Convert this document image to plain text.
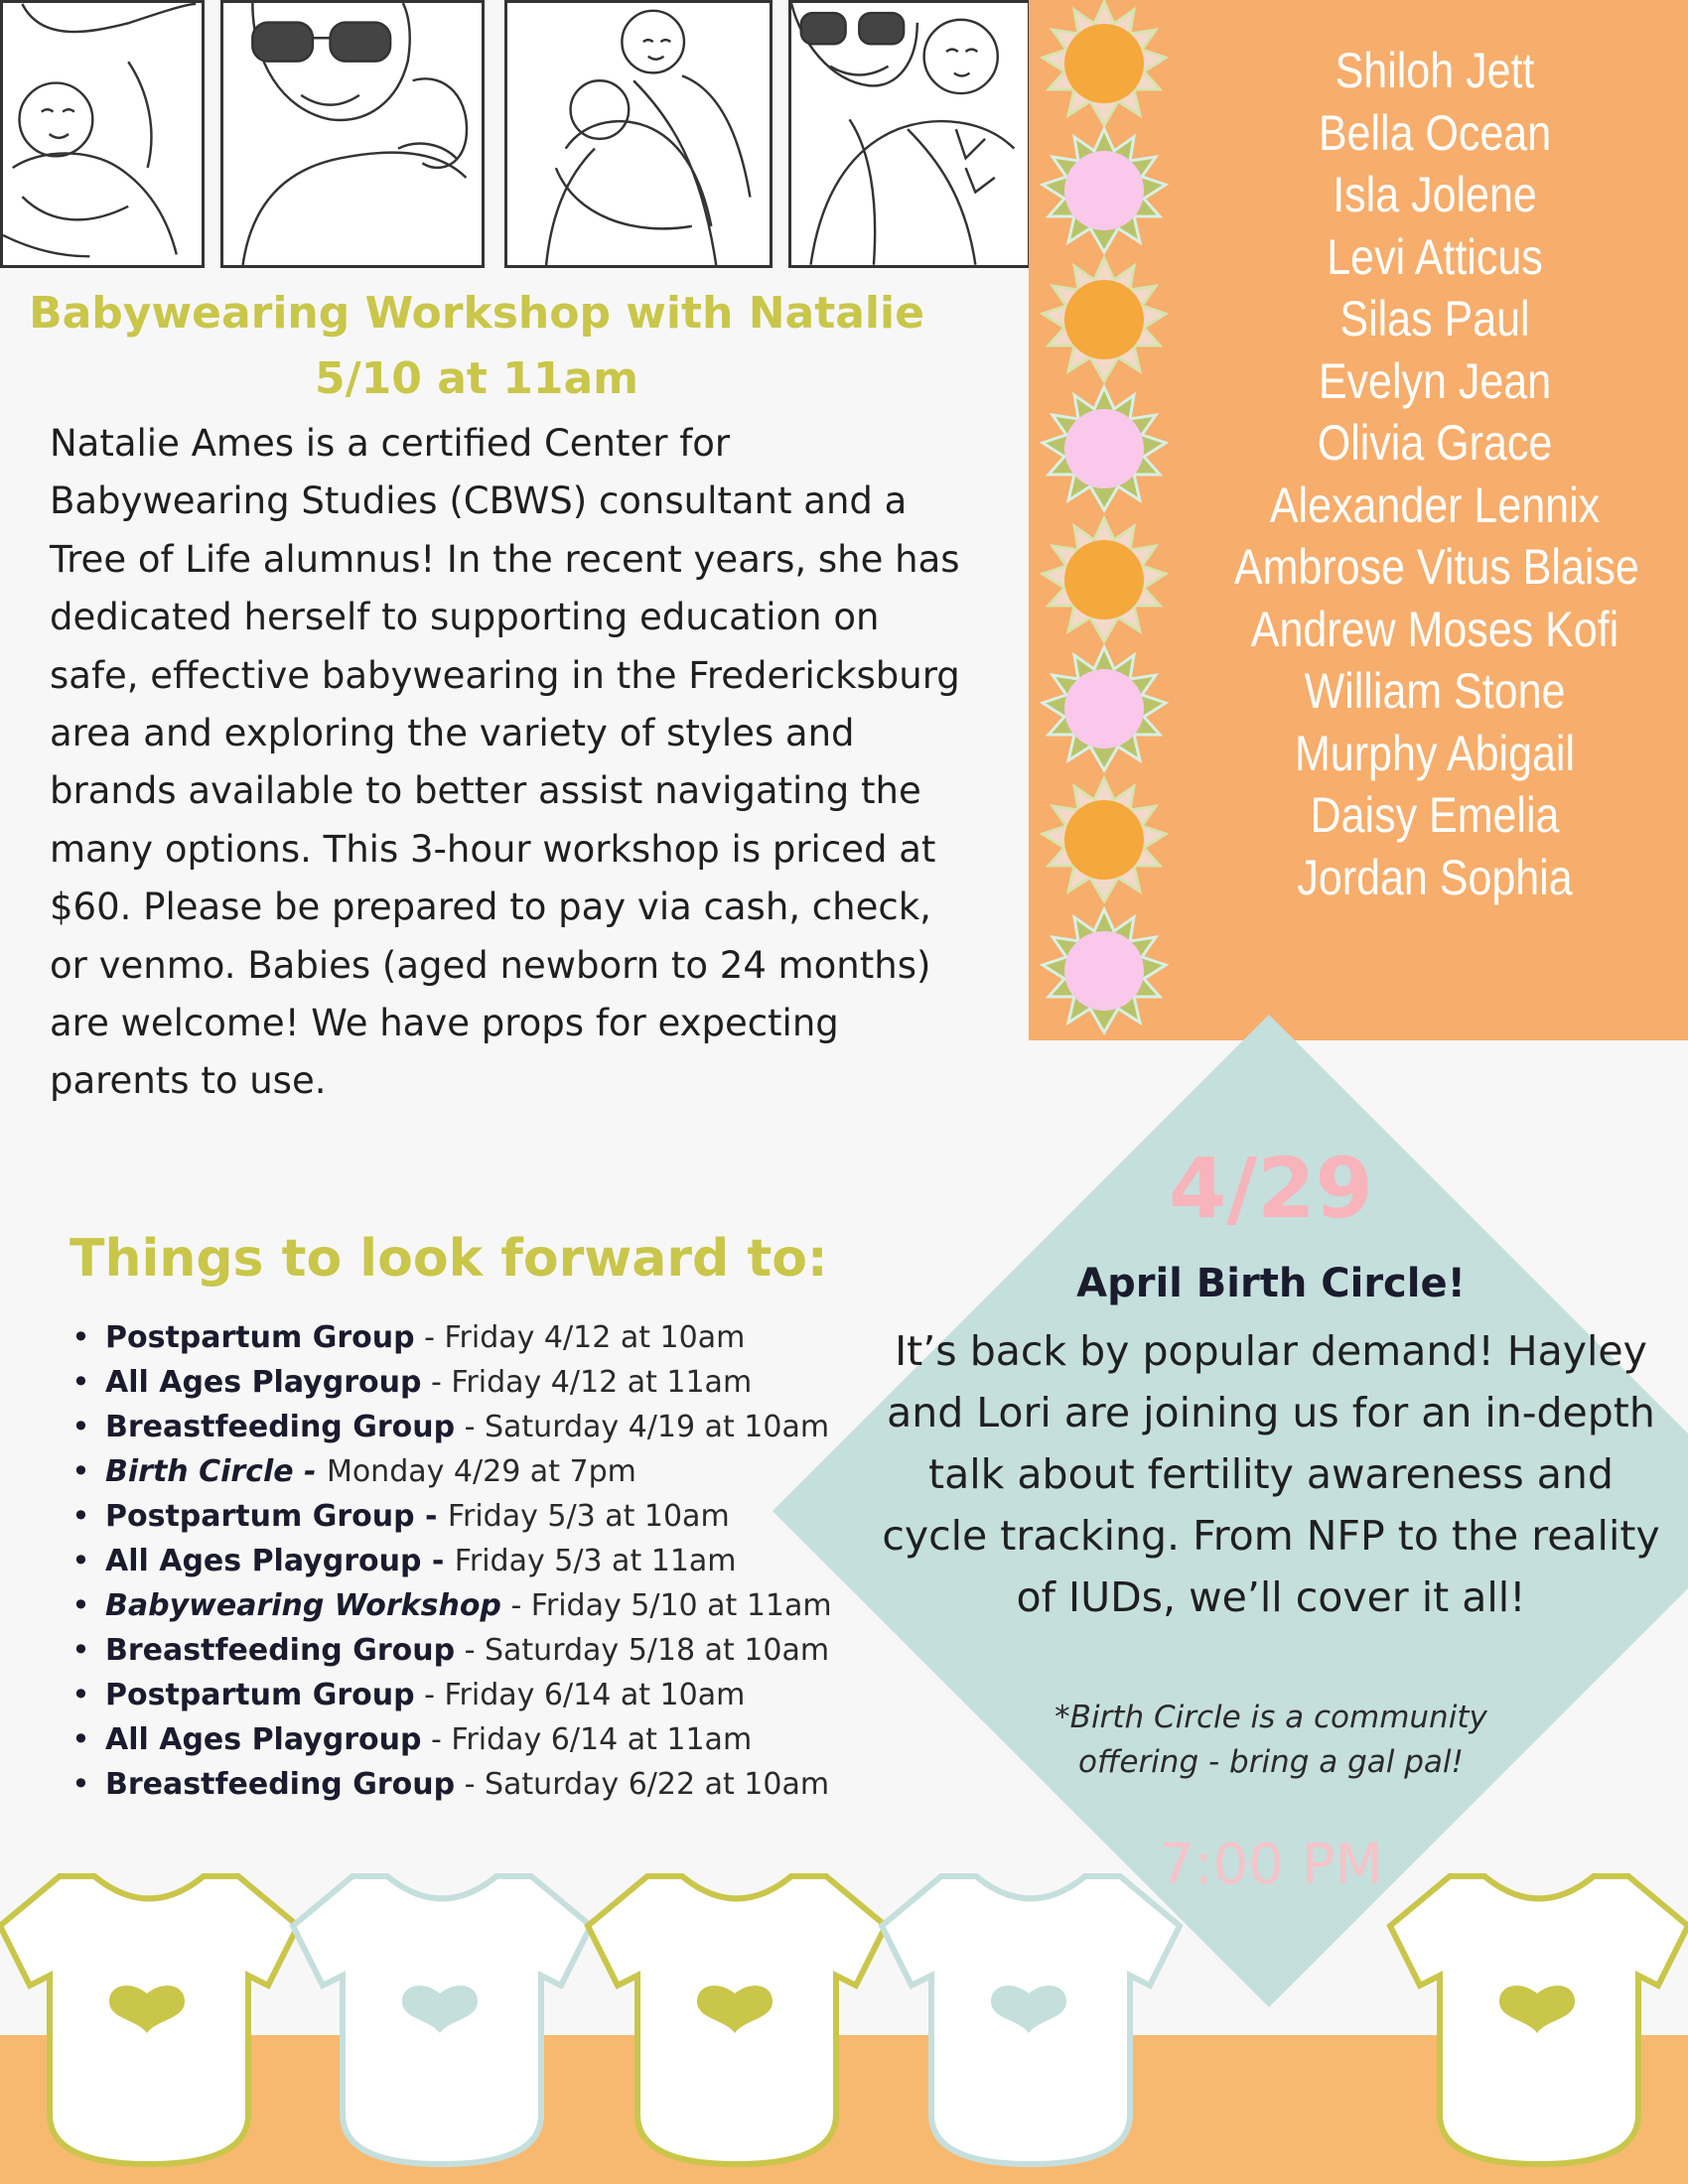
Shiloh Jett
Bella Ocean
Isla Jolene
Levi Atticus
Silas Paul
Evelyn Jean
Olivia Grace
Alexander Lennix
Ambrose Vitus Blaise
Andrew Moses Kofi
William Stone
Murphy Abigail
Daisy Emelia
Jordan Sophia
Babywearing Workshop with Natalie
5/10 at 11am

Natalie Ames is a certified Center for Babywearing Studies (CBWS) consultant and a Tree of Life alumnus! In the recent years, she has dedicated herself to supporting education on safe, effective babywearing in the Fredericksburg area and exploring the variety of styles and brands available to better assist navigating the many options. This 3-hour workshop is priced at $60. Please be prepared to pay via cash, check, or venmo. Babies (aged newborn to 24 months) are welcome! We have props for expecting parents to use.

Things to look forward to:
• Postpartum Group - Friday 4/12 at 10am
• All Ages Playgroup - Friday 4/12 at 11am
• Breastfeeding Group - Saturday 4/19 at 10am
• Birth Circle - Monday 4/29 at 7pm
• Postpartum Group - Friday 5/3 at 10am
• All Ages Playgroup - Friday 5/3 at 11am
• Babywearing Workshop - Friday 5/10 at 11am
• Breastfeeding Group - Saturday 5/18 at 10am
• Postpartum Group - Friday 6/14 at 10am
• All Ages Playgroup - Friday 6/14 at 11am
• Breastfeeding Group - Saturday 6/22 at 10am

4/29

April Birth Circle!

It’s back by popular demand! Hayley and Lori are joining us for an in-depth talk about fertility awareness and cycle tracking. From NFP to the reality of IUDs, we’ll cover it all!

*Birth Circle is a community offering - bring a gal pal!

7:00 PM
